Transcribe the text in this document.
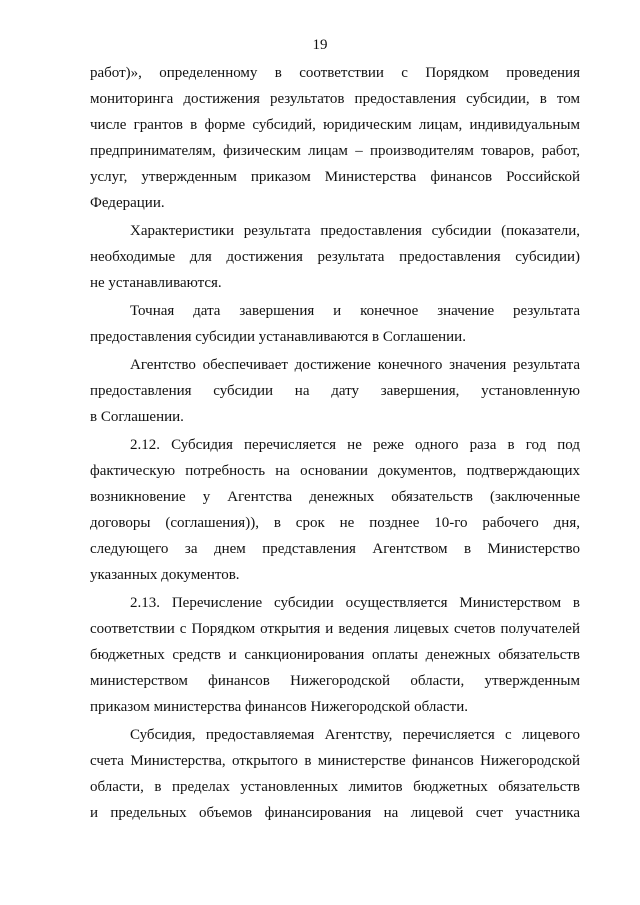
19
работ)», определенному в соответствии с Порядком проведения
мониторинга достижения результатов предоставления субсидии, в том
числе грантов в форме субсидий, юридическим лицам, индивидуальным
предпринимателям, физическим лицам – производителям товаров, работ,
услуг, утвержденным приказом Министерства финансов Российской
Федерации.
Характеристики результата предоставления субсидии (показатели,
необходимые для достижения результата предоставления субсидии)
не устанавливаются.
Точная дата завершения и конечное значение результата
предоставления субсидии устанавливаются в Соглашении.
Агентство обеспечивает достижение конечного значения результата
предоставления субсидии на дату завершения, установленную
в Соглашении.
2.12. Субсидия перечисляется не реже одного раза в год под
фактическую потребность на основании документов, подтверждающих
возникновение у Агентства денежных обязательств (заключенные
договоры (соглашения)), в срок не позднее 10-го рабочего дня,
следующего за днем представления Агентством в Министерство
указанных документов.
2.13. Перечисление субсидии осуществляется Министерством в
соответствии с Порядком открытия и ведения лицевых счетов получателей
бюджетных средств и санкционирования оплаты денежных обязательств
министерством финансов Нижегородской области, утвержденным
приказом министерства финансов Нижегородской области.
Субсидия, предоставляемая Агентству, перечисляется с лицевого
счета Министерства, открытого в министерстве финансов Нижегородской
области, в пределах установленных лимитов бюджетных обязательств
и предельных объемов финансирования на лицевой счет участника
